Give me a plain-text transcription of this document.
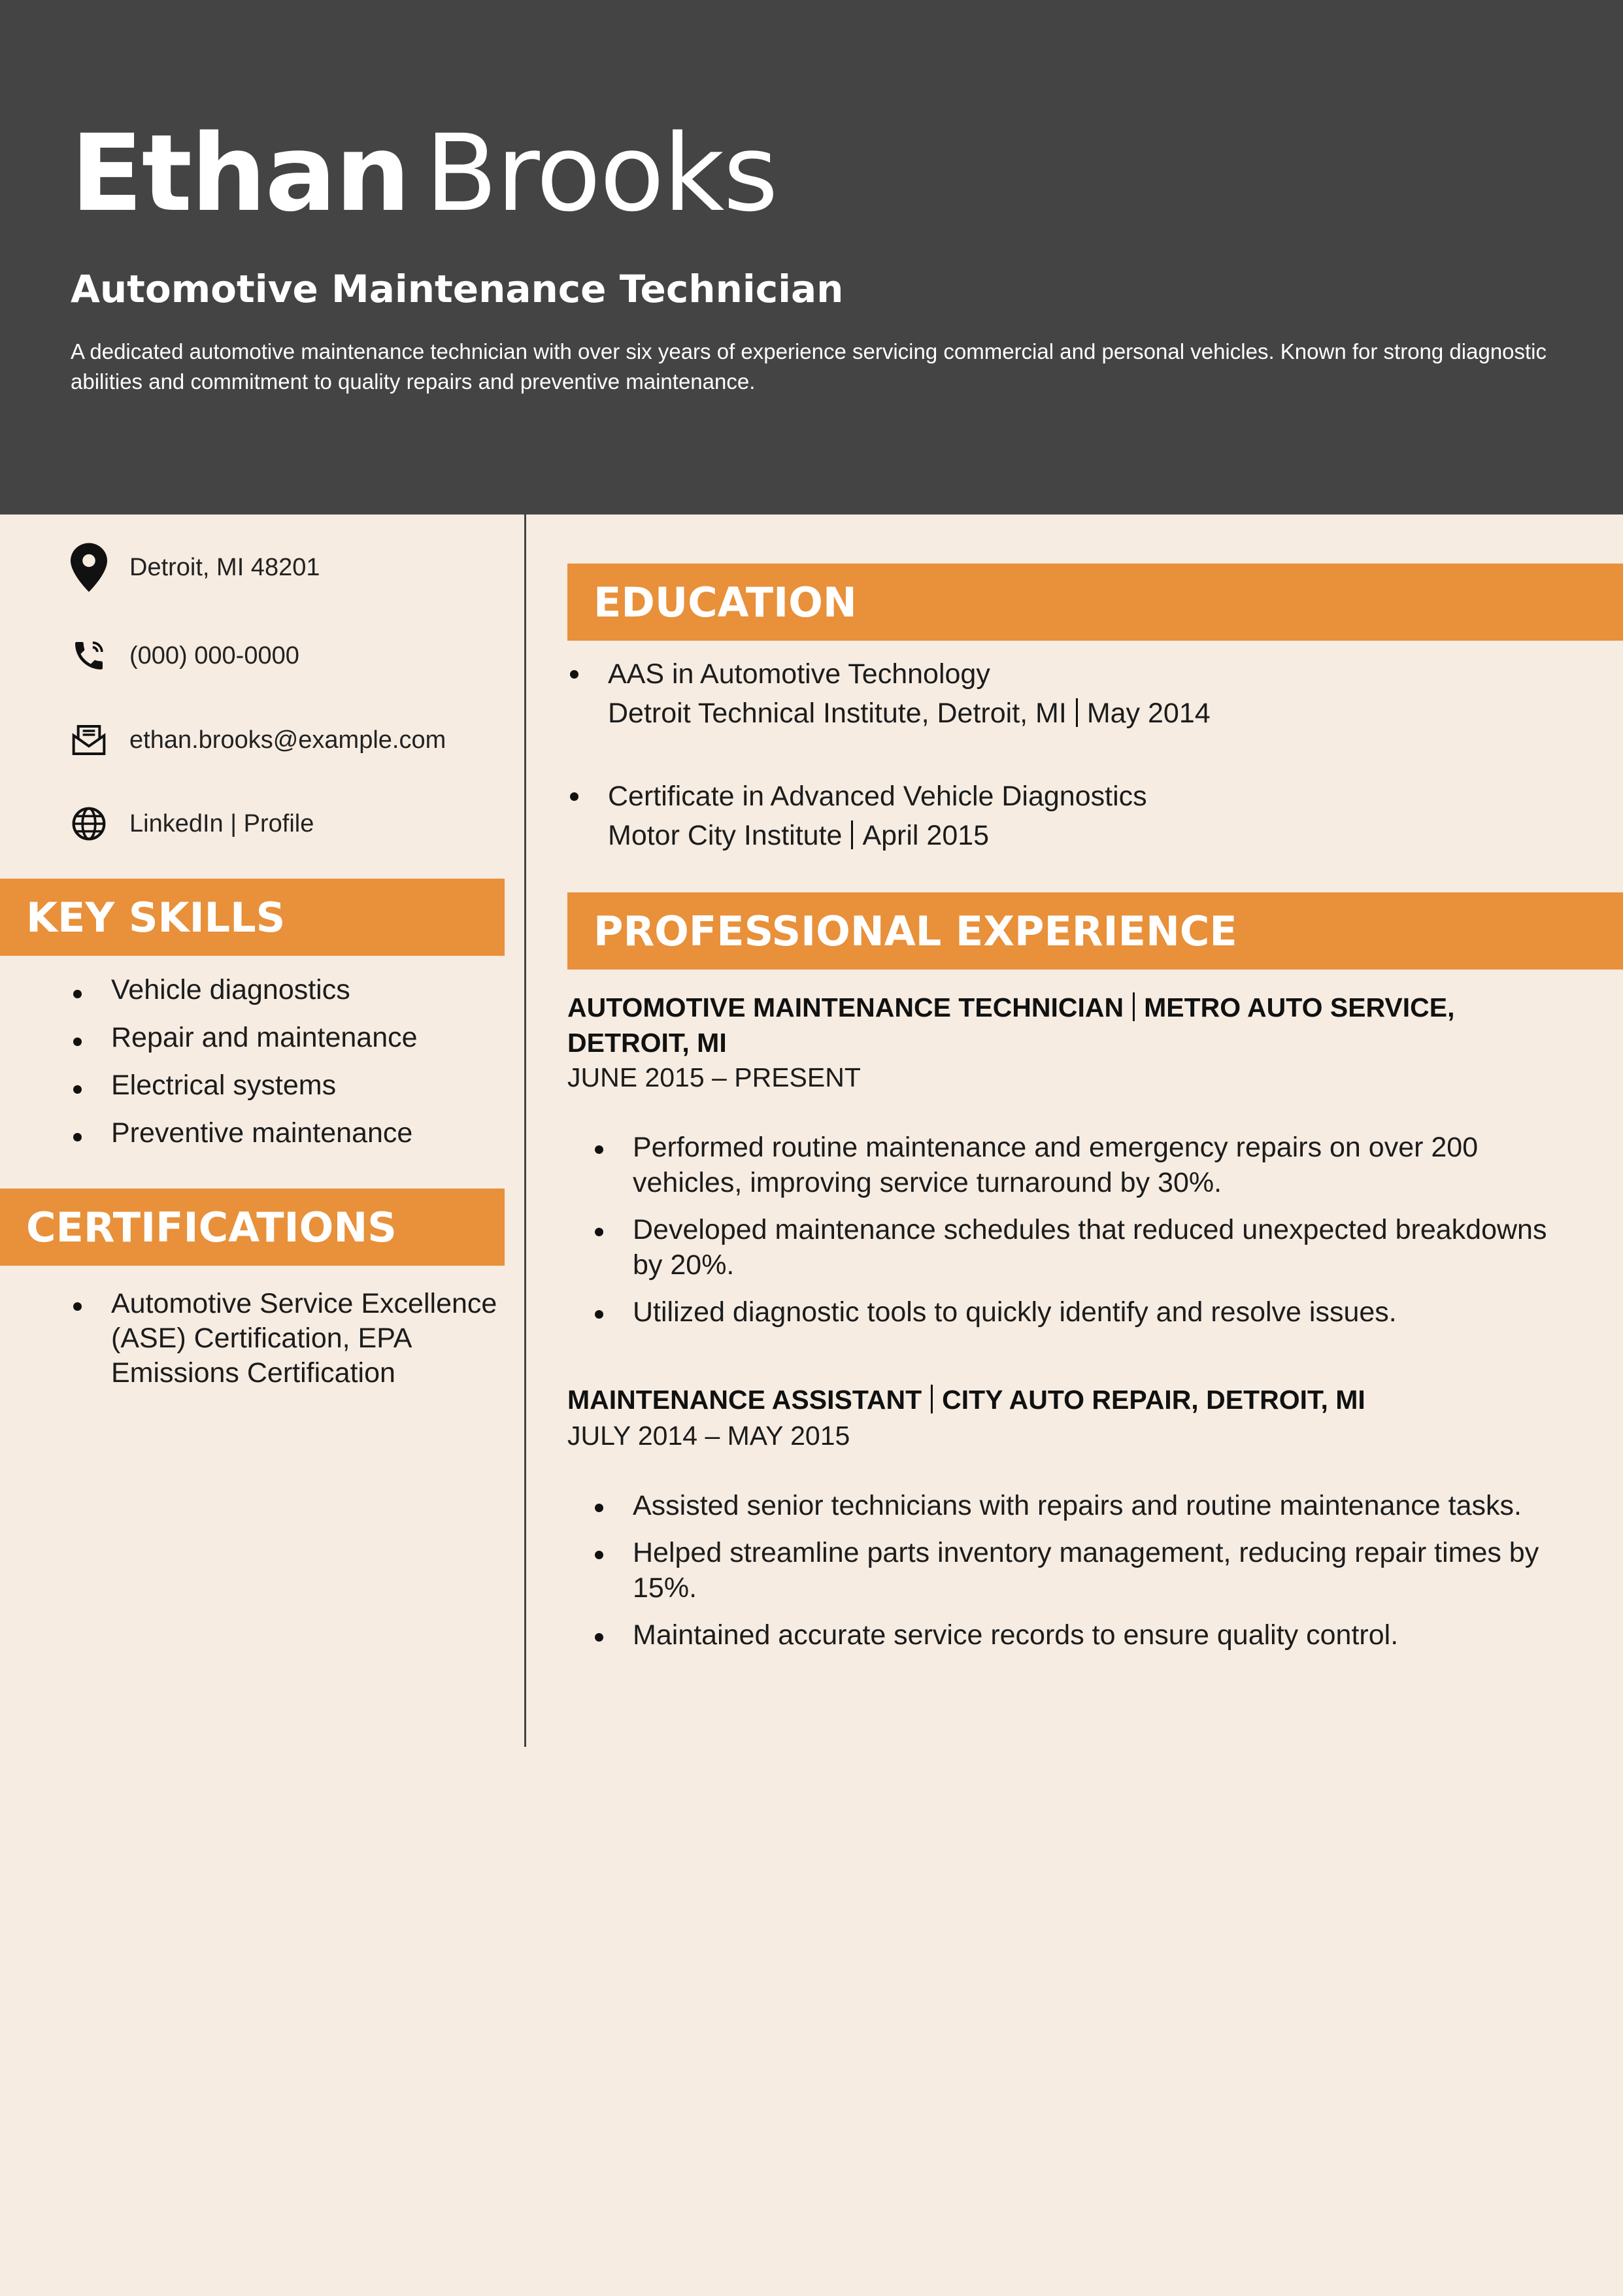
Ethan Brooks
Automotive Maintenance Technician
A dedicated automotive maintenance technician with over six years of experience servicing commercial and personal vehicles. Known for strong diagnostic abilities and commitment to quality repairs and preventive maintenance.
Detroit, MI 48201
(000) 000-0000
ethan.brooks@example.com
LinkedIn | Profile
KEY SKILLS
Vehicle diagnostics
Repair and maintenance
Electrical systems
Preventive maintenance
CERTIFICATIONS
Automotive Service Excellence (ASE) Certification, EPA Emissions Certification
EDUCATION
AAS in Automotive Technology
Detroit Technical Institute, Detroit, MI May 2014
Certificate in Advanced Vehicle Diagnostics
Motor City Institute April 2015
PROFESSIONAL EXPERIENCE
AUTOMOTIVE MAINTENANCE TECHNICIAN METRO AUTO SERVICE, DETROIT, MI
JUNE 2015 – PRESENT
Performed routine maintenance and emergency repairs on over 200 vehicles, improving service turnaround by 30%.
Developed maintenance schedules that reduced unexpected breakdowns by 20%.
Utilized diagnostic tools to quickly identify and resolve issues.
MAINTENANCE ASSISTANT CITY AUTO REPAIR, DETROIT, MI
JULY 2014 – MAY 2015
Assisted senior technicians with repairs and routine maintenance tasks.
Helped streamline parts inventory management, reducing repair times by 15%.
Maintained accurate service records to ensure quality control.
